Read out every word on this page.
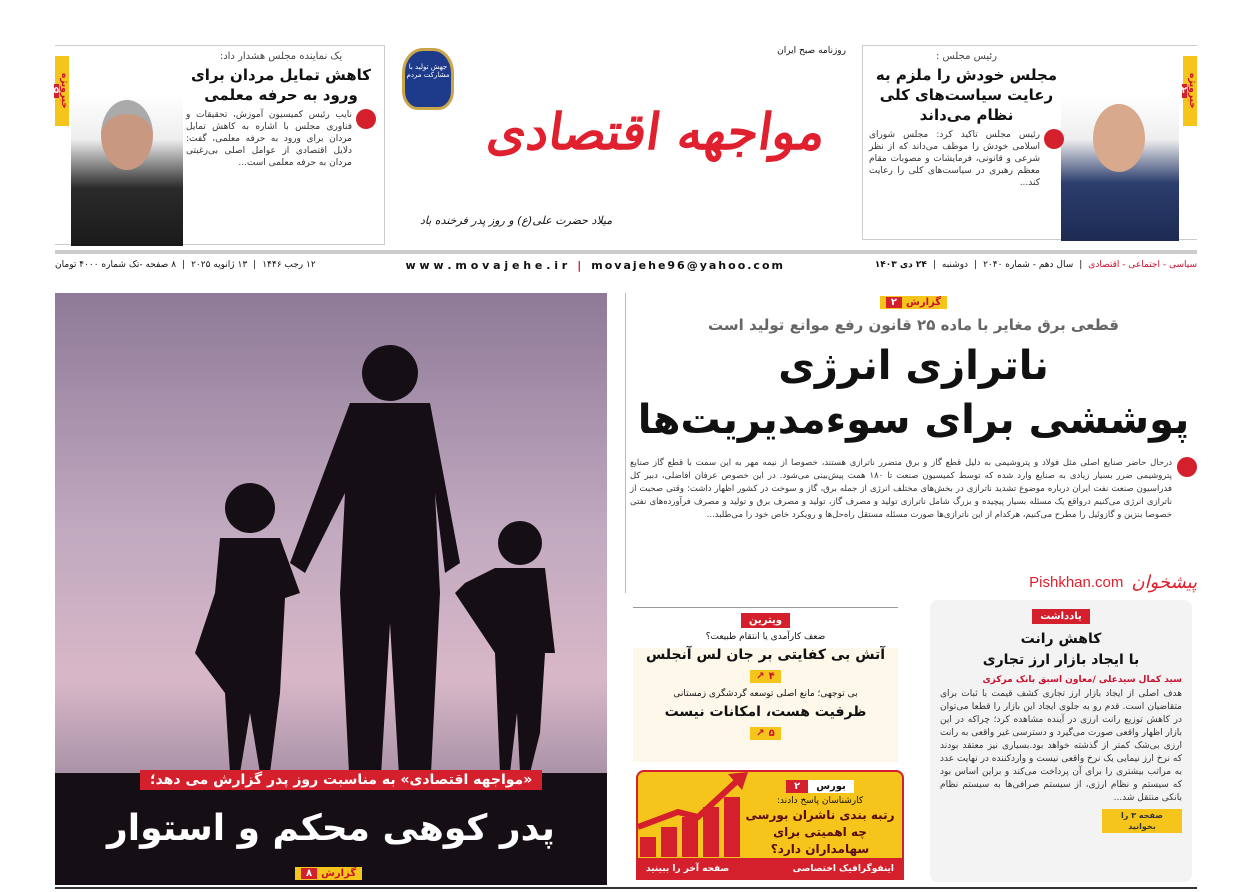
خبرویژه
۲
رئیس مجلس :
مجلس خودش را ملزم به رعایت سیاست‌های کلی نظام می‌داند

رئیس مجلس تاکید کرد: مجلس شورای اسلامی خودش را موظف می‌داند که از نظر شرعی و قانونی، فرمایشات و مصوبات مقام معظم رهبری در سیاست‌های کلی را رعایت کند...

جهش تولید با مشارکت مردم
روزنامه صبح ایران
مواجهه اقتصادی
میلاد حضرت علی(ع) و روز پدر فرخنده باد
خبرویژه
۵
یک نماینده مجلس هشدار داد:
کاهش تمایل مردان برای ورود به حرفه معلمی

نایب رئیس کمیسیون آموزش، تحقیقات و فناوری مجلس با اشاره به کاهش تمایل مردان برای ورود به حرفه معلمی، گفت: دلایل اقتصادی از عوامل اصلی بی‌رغبتی مردان به حرفه معلمی است...

سیاسی - اجتماعی - اقتصادی
|
سال دهم - شماره ۲۰۴۰
|
دوشنبه
|
۲۴ دی ۱۴۰۳
w w w . m o v a j e h e . i r | movajehe96@yahoo.com
۱۲ رجب ۱۴۴۶
|
۱۳ ژانویه ۲۰۲۵
|
۸ صفحه -تک شماره ۴۰۰۰ تومان
«مواجهه اقتصادی» به مناسبت روز پدر گزارش می دهد؛
پدر کوهی محکم و استوار
گزارش
۸
گزارش
۲
قطعی برق مغایر با ماده ۲۵ قانون رفع موانع تولید است
ناترازی انرژی
پوششی برای سوءمدیریت‌ها

درحال حاضر صنایع اصلی مثل فولاد و پتروشیمی به دلیل قطع گاز و برق متضرر ناترازی هستند، خصوصا از نیمه مهر به این سمت با قطع گاز صنایع پتروشیمی ضرر بسیار زیادی به صنایع وارد شده که توسط کمیسیون صنعت تا ۱۸۰ همت پیش‌بینی می‌شود. در این خصوص عرفان افاضلی، دبیر کل فدراسیون صنعت نفت ایران درباره موضوع تشدید ناترازی در بخش‌های مختلف انرژی از جمله برق، گاز و سوخت در کشور اظهار داشت: وقتی صحبت از ناترازی انرژی می‌کنیم درواقع یک مسئله بسیار پیچیده و بزرگ شامل ناترازی تولید و مصرف گاز، تولید و مصرف برق و تولید و مصرف فرآورده‌های نفتی خصوصا بنزین و گازوئیل را مطرح می‌کنیم، هرکدام از این ناترازی‌ها صورت مسئله مستقل راه‌حل‌ها و رویکرد خاص خود را می‌طلبد...

ویترین
ضعف کارآمدی یا انتقام طبیعت؟
آتش بی کفایتی بر جان لس آنجلس
۴
↗
بی توجهی؛ مانع اصلی توسعه گردشگری زمستانی
ظرفیت هست، امکانات نیست
۵
↗
بورس
۲
کارشناسان پاسخ دادند:
رتبه بندی ناشران بورسی چه اهمیتی برای سهامداران دارد؟
اینفوگرافیک اختصاصی
صفحه آخر را ببینید
Pishkhan.com پیشخوان
یادداشت
کاهش رانت
با ایجاد بازار ارز تجاری
سید کمال سیدعلی /معاون اسبق بانک مرکزی

هدف اصلی از ایجاد بازار ارز تجاری کشف قیمت با ثبات برای متقاضیان است. قدم رو به جلوی ایجاد این بازار را قطعا می‌توان در کاهش توزیع رانت ارزی در آینده مشاهده کرد؛ چراکه در این بازار اظهار واقعی صورت می‌گیرد و دسترسی غیر واقعی به رانت ارزی بی‌شک کمتر از گذشته خواهد بود.بسیاری نیز معتقد بودند که نرخ ارز نیمایی یک نرخ واقعی نیست و واردکننده در نهایت عدد به مراتب بیشتری را برای آن پرداخت می‌کند و براین اساس بود که سیستم و نظام ارزی، از سیستم صرافی‌ها به سیستم نظام بانکی منتقل شد...

صفحه ۳ را بخوانید
